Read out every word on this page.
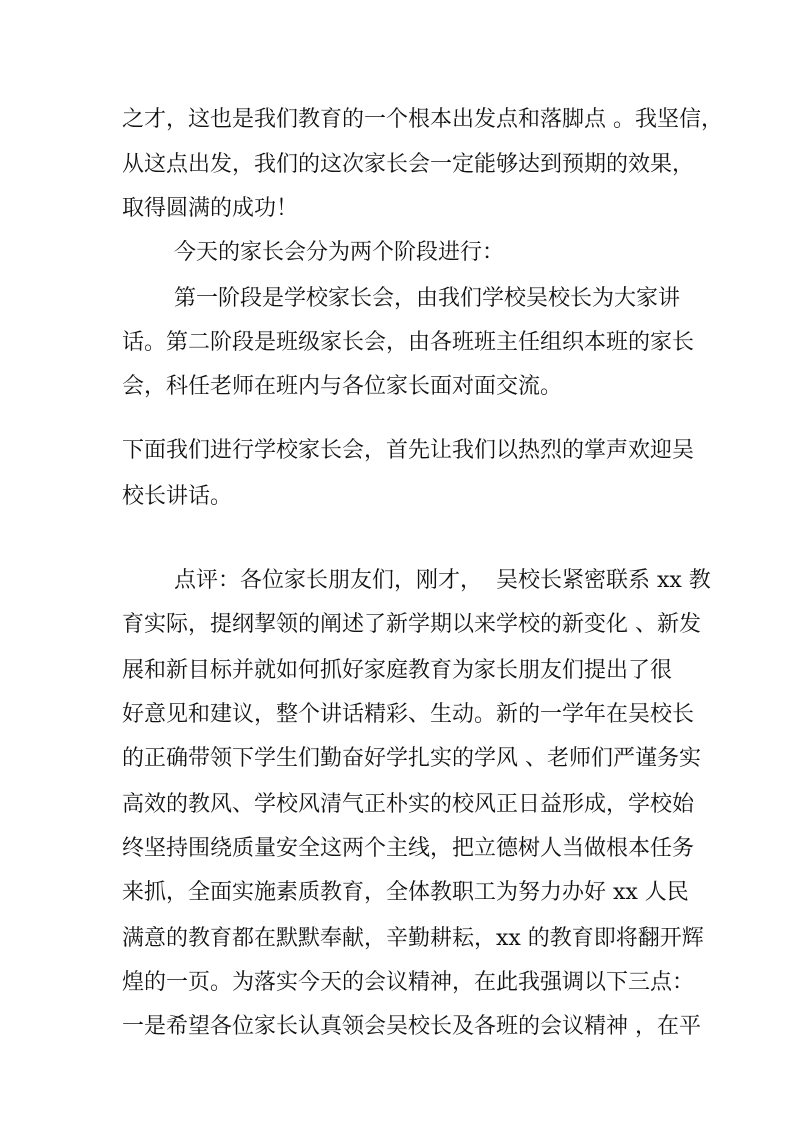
之才，这也是我们教育的一个根本出发点和落脚点 。我坚信，
从这点出发，我们的这次家长会一定能够达到预期的效果，
取得圆满的成功！
今天的家长会分为两个阶段进行：
第一阶段是学校家长会，由我们学校吴校长为大家讲
话。第二阶段是班级家长会，由各班班主任组织本班的家长
会，科任老师在班内与各位家长面对面交流。
下面我们进行学校家长会，首先让我们以热烈的掌声欢迎吴
校长讲话。
点评：各位家长朋友们，刚才，  吴校长紧密联系 xx 教
育实际，提纲挈领的阐述了新学期以来学校的新变化 、新发
展和新目标并就如何抓好家庭教育为家长朋友们提出了很
好意见和建议，整个讲话精彩、生动。新的一学年在吴校长
的正确带领下学生们勤奋好学扎实的学风 、老师们严谨务实
高效的教风、学校风清气正朴实的校风正日益形成，学校始
终坚持围绕质量安全这两个主线，把立德树人当做根本任务
来抓，全面实施素质教育，全体教职工为努力办好 xx 人民
满意的教育都在默默奉献，辛勤耕耘，xx 的教育即将翻开辉
煌的一页。为落实今天的会议精神，在此我强调以下三点：
一是希望各位家长认真领会吴校长及各班的会议精神 ，在平
